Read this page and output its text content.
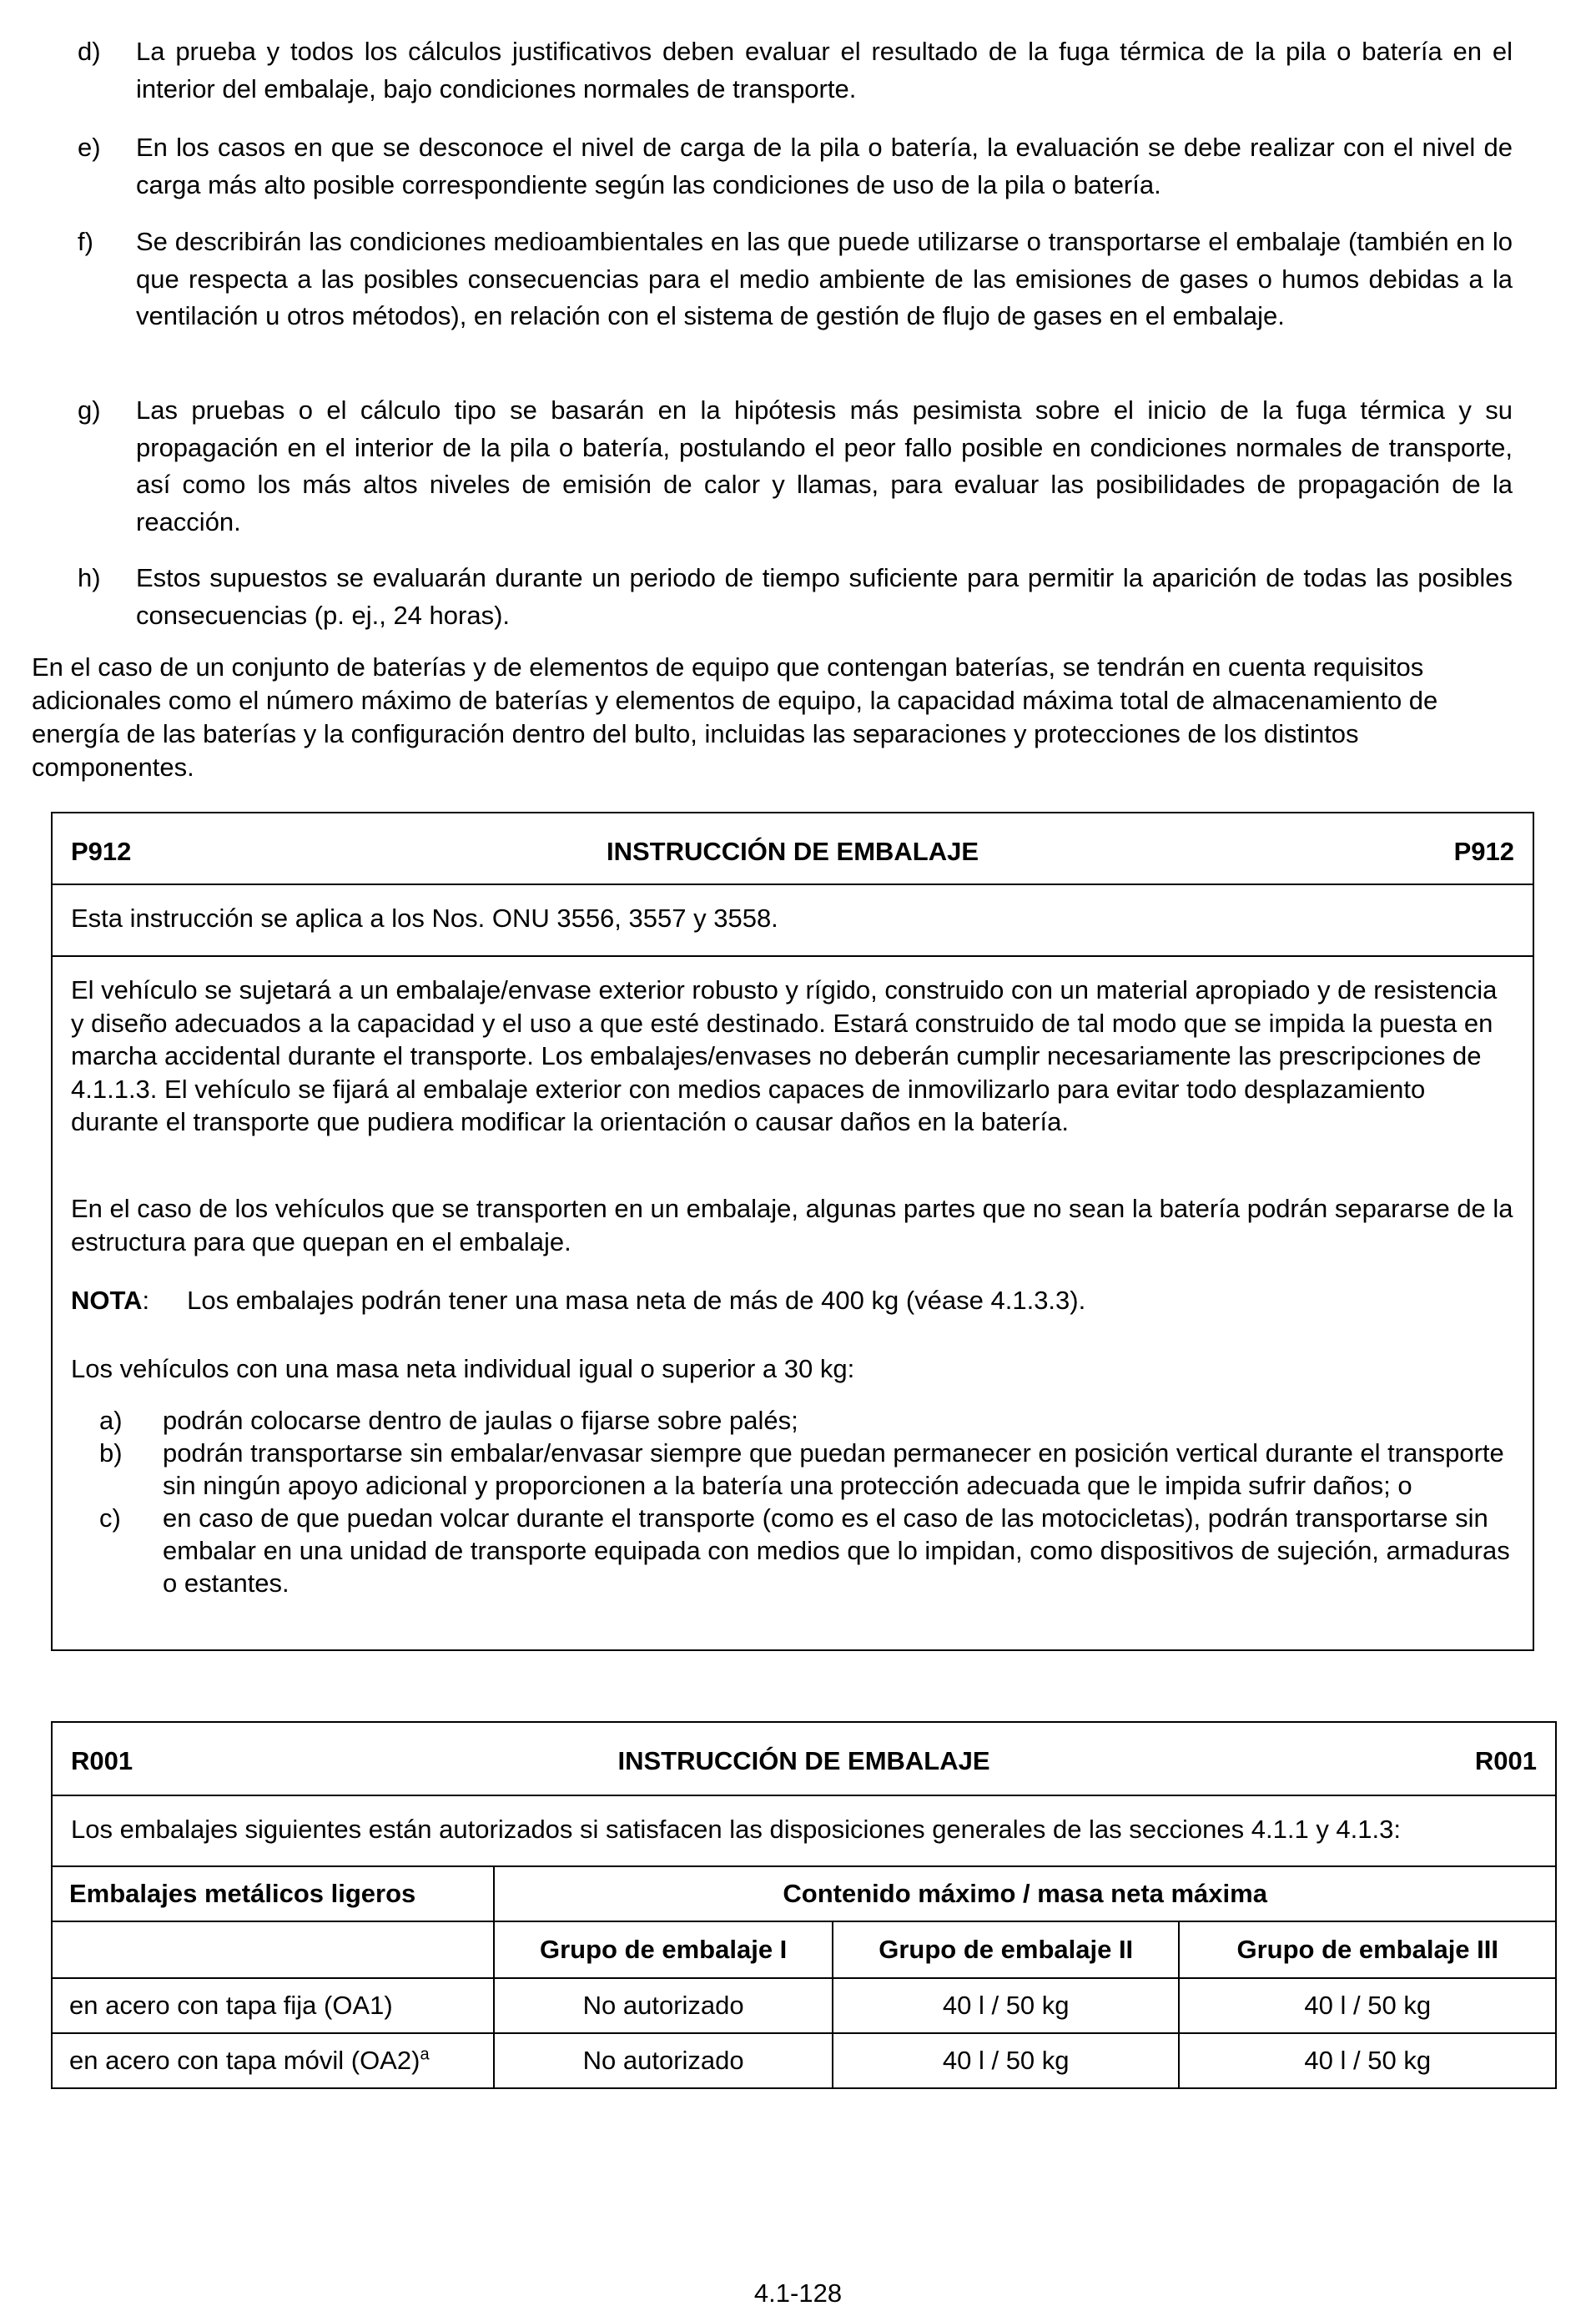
d) La prueba y todos los cálculos justificativos deben evaluar el resultado de la fuga térmica de la pila o batería en el interior del embalaje, bajo condiciones normales de transporte.
e) En los casos en que se desconoce el nivel de carga de la pila o batería, la evaluación se debe realizar con el nivel de carga más alto posible correspondiente según las condiciones de uso de la pila o batería.
f) Se describirán las condiciones medioambientales en las que puede utilizarse o transportarse el embalaje (también en lo que respecta a las posibles consecuencias para el medio ambiente de las emisiones de gases o humos debidas a la ventilación u otros métodos), en relación con el sistema de gestión de flujo de gases en el embalaje.
g) Las pruebas o el cálculo tipo se basarán en la hipótesis más pesimista sobre el inicio de la fuga térmica y su propagación en el interior de la pila o batería, postulando el peor fallo posible en condiciones normales de transporte, así como los más altos niveles de emisión de calor y llamas, para evaluar las posibilidades de propagación de la reacción.
h) Estos supuestos se evaluarán durante un periodo de tiempo suficiente para permitir la aparición de todas las posibles consecuencias (p. ej., 24 horas).
En el caso de un conjunto de baterías y de elementos de equipo que contengan baterías, se tendrán en cuenta requisitos adicionales como el número máximo de baterías y elementos de equipo, la capacidad máxima total de almacenamiento de energía de las baterías y la configuración dentro del bulto, incluidas las separaciones y protecciones de los distintos componentes.
P912	INSTRUCCIÓN DE EMBALAJE	P912
Esta instrucción se aplica a los Nos. ONU 3556, 3557 y 3558.
El vehículo se sujetará a un embalaje/envase exterior robusto y rígido, construido con un material apropiado y de resistencia y diseño adecuados a la capacidad y el uso a que esté destinado. Estará construido de tal modo que se impida la puesta en marcha accidental durante el transporte. Los embalajes/envases no deberán cumplir necesariamente las prescripciones de 4.1.1.3. El vehículo se fijará al embalaje exterior con medios capaces de inmovilizarlo para evitar todo desplazamiento durante el transporte que pudiera modificar la orientación o causar daños en la batería.
En el caso de los vehículos que se transporten en un embalaje, algunas partes que no sean la batería podrán separarse de la estructura para que quepan en el embalaje.
NOTA: Los embalajes podrán tener una masa neta de más de 400 kg (véase 4.1.3.3).
Los vehículos con una masa neta individual igual o superior a 30 kg:
a) podrán colocarse dentro de jaulas o fijarse sobre palés;
b) podrán transportarse sin embalar/envasar siempre que puedan permanecer en posición vertical durante el transporte sin ningún apoyo adicional y proporcionen a la batería una protección adecuada que le impida sufrir daños; o
c) en caso de que puedan volcar durante el transporte (como es el caso de las motocicletas), podrán transportarse sin embalar en una unidad de transporte equipada con medios que lo impidan, como dispositivos de sujeción, armaduras o estantes.
R001	INSTRUCCIÓN DE EMBALAJE	R001
Los embalajes siguientes están autorizados si satisfacen las disposiciones generales de las secciones 4.1.1 y 4.1.3:
Embalajes metálicos ligeros	Contenido máximo / masa neta máxima		
	Grupo de embalaje I	Grupo de embalaje II	Grupo de embalaje III
en acero con tapa fija (OA1)	No autorizado	40 l / 50 kg	40 l / 50 kg
en acero con tapa móvil $(OA2)^a$	No autorizado	40 l / 50 kg	40 l / 50 kg
4.1-128
